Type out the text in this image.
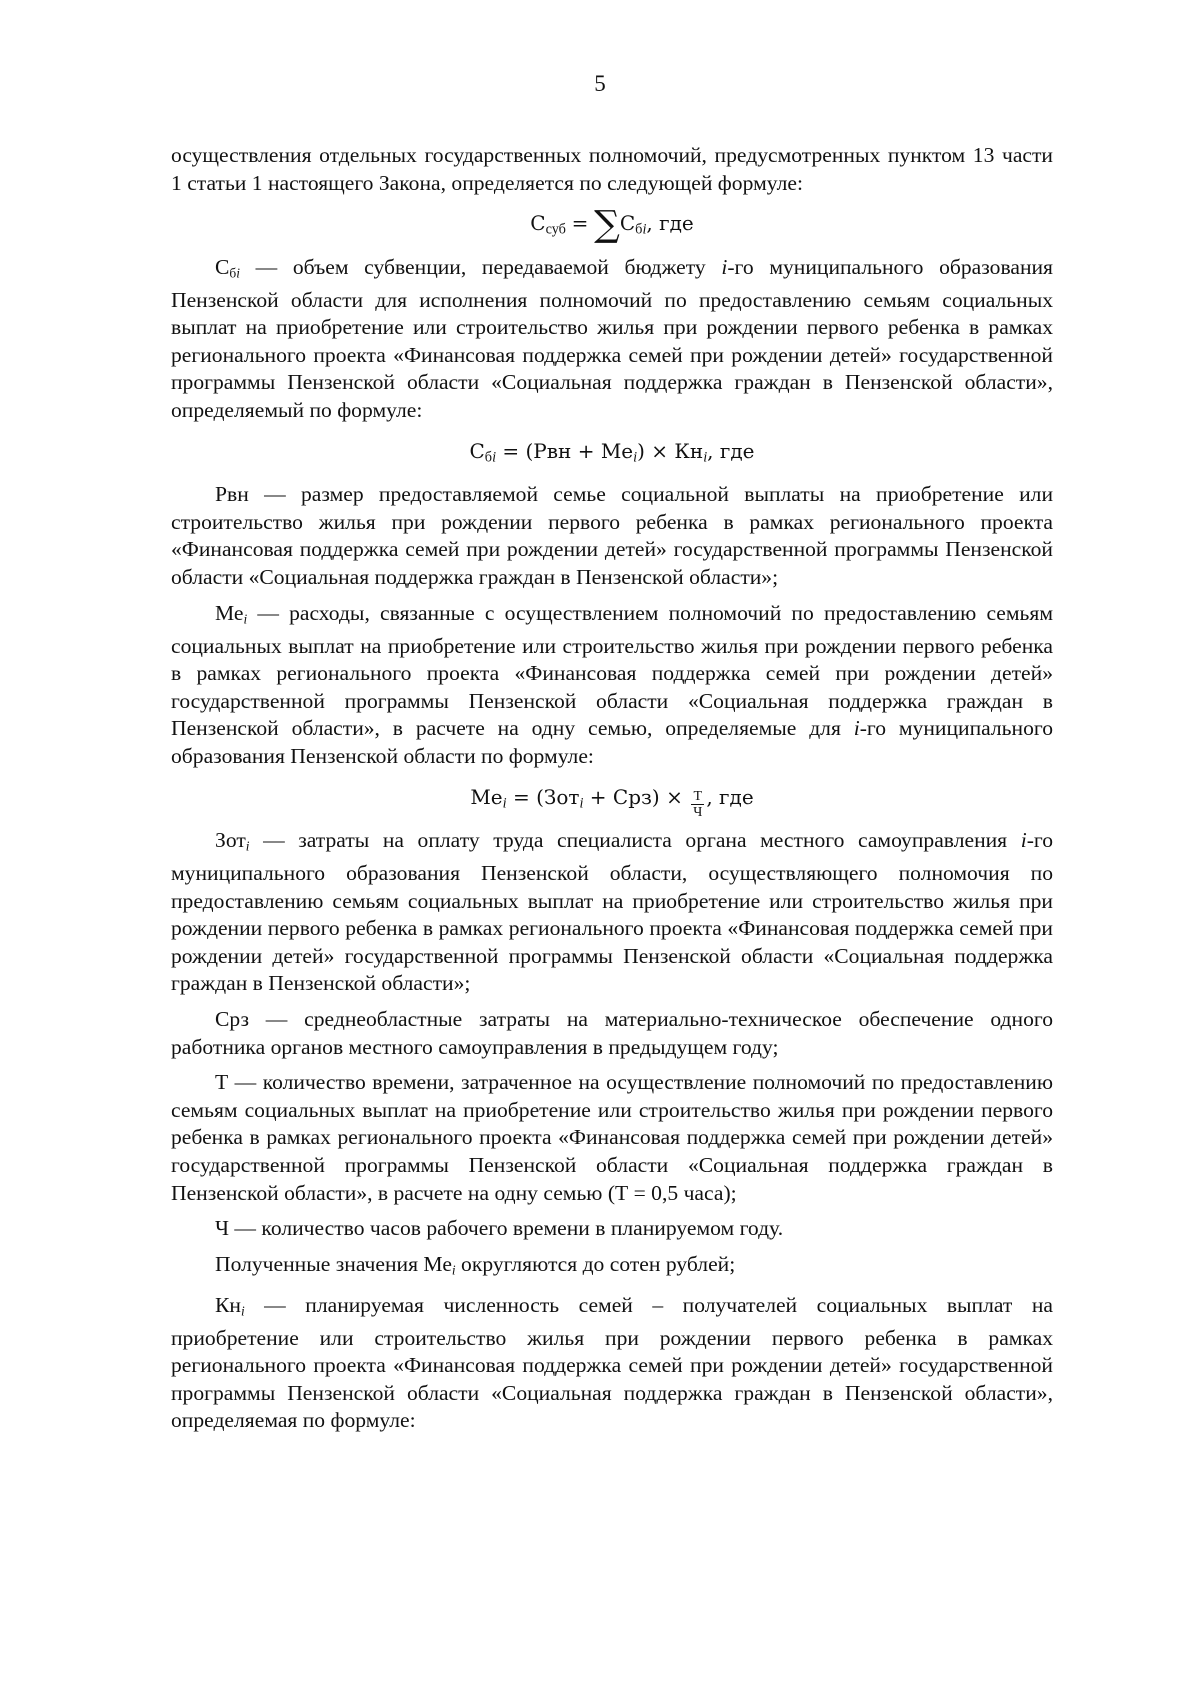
5

осуществления отдельных государственных полномочий, предусмотренных пунктом 13 части 1 статьи 1 настоящего Закона, определяется по следующей формуле:

$С_{суб} = \sum С_{бi}$, где

$С_{бi}$ — объем субвенции, передаваемой бюджету i-го муниципального образования Пензенской области для исполнения полномочий по предоставлению семьям социальных выплат на приобретение или строительство жилья при рождении первого ребенка в рамках регионального проекта «Финансовая поддержка семей при рождении детей» государственной программы Пензенской области «Социальная поддержка граждан в Пензенской области», определяемый по формуле:

$С_{бi} = (Рвн + Ме_i) \times Кн_i$, где

Рвн — размер предоставляемой семье социальной выплаты на приобретение или строительство жилья при рождении первого ребенка в рамках регионального проекта «Финансовая поддержка семей при рождении детей» государственной программы Пензенской области «Социальная поддержка граждан в Пензенской области»;

$Ме_i$ — расходы, связанные с осуществлением полномочий по предоставлению семьям социальных выплат на приобретение или строительство жилья при рождении первого ребенка в рамках регионального проекта «Финансовая поддержка семей при рождении детей» государственной программы Пензенской области «Социальная поддержка граждан в Пензенской области», в расчете на одну семью, определяемые для i-го муниципального образования Пензенской области по формуле:

$Ме_i = (Зот_i + Срз) \times \frac{Т}{Ч}$ , где

Зот$_i$ — затраты на оплату труда специалиста органа местного самоуправления i-го муниципального образования Пензенской области, осуществляющего полномочия по предоставлению семьям социальных выплат на приобретение или строительство жилья при рождении первого ребенка в рамках регионального проекта «Финансовая поддержка семей при рождении детей» государственной программы Пензенской области «Социальная поддержка граждан в Пензенской области»;

Срз — среднеобластные затраты на материально-техническое обеспечение одного работника органов местного самоуправления в предыдущем году;

Т — количество времени, затраченное на осуществление полномочий по предоставлению семьям социальных выплат на приобретение или строительство жилья при рождении первого ребенка в рамках регионального проекта «Финансовая поддержка семей при рождении детей» государственной программы Пензенской области «Социальная поддержка граждан в Пензенской области», в расчете на одну семью (Т = 0,5 часа);

Ч — количество часов рабочего времени в планируемом году.

Полученные значения $Ме_i$ округляются до сотен рублей;

$Кн_i$ — планируемая численность семей – получателей социальных выплат на приобретение или строительство жилья при рождении первого ребенка в рамках регионального проекта «Финансовая поддержка семей при рождении детей» государственной программы Пензенской области «Социальная поддержка граждан в Пензенской области», определяемая по формуле:
